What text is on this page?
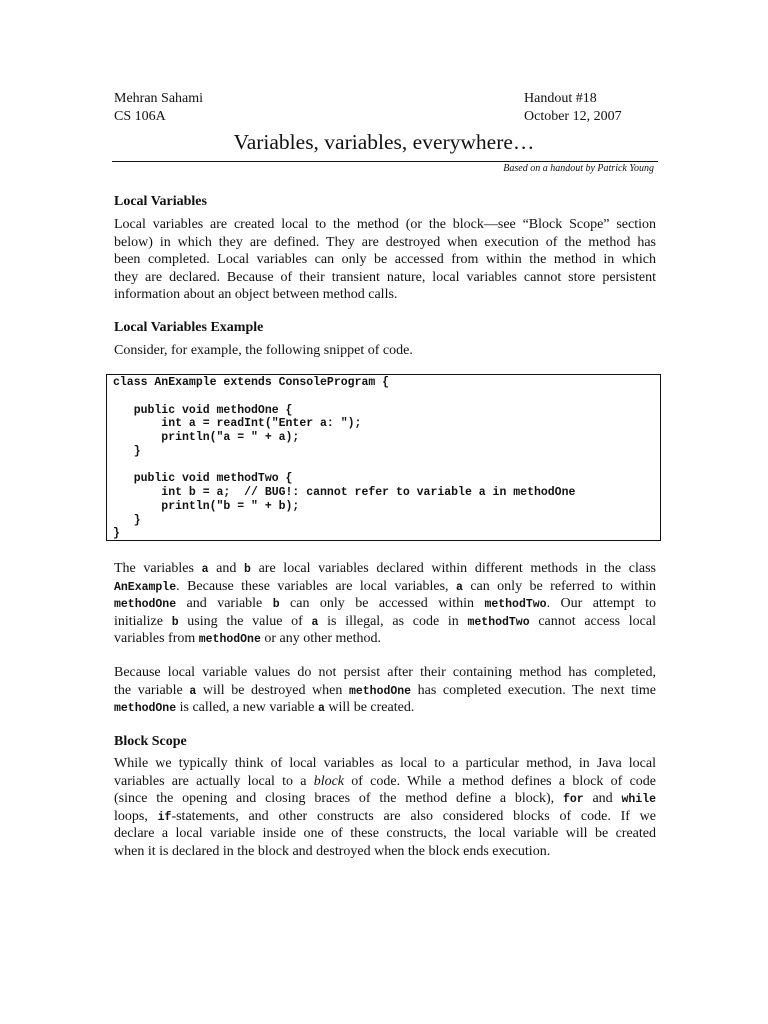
Mehran Sahami
CS 106A
Handout #18
October 12, 2007
Variables, variables, everywhere…
Based on a handout by Patrick Young
Local Variables
Local variables are created local to the method (or the block—see “Block Scope” section
below) in which they are defined. They are destroyed when execution of the method has
been completed. Local variables can only be accessed from within the method in which
they are declared. Because of their transient nature, local variables cannot store persistent
information about an object between method calls.
Local Variables Example
Consider, for example, the following snippet of code.
class AnExample extends ConsoleProgram {
public void methodOne {
int a = readInt("Enter a: ");
println("a = " + a);
}
public void methodTwo {
int b = a;  // BUG!: cannot refer to variable a in methodOne
println("b = " + b);
}
}
The variables a and b are local variables declared within different methods in the class
AnExample. Because these variables are local variables, a can only be referred to within
methodOne and variable b can only be accessed within methodTwo. Our attempt to
initialize b using the value of a is illegal, as code in methodTwo cannot access local
variables from methodOne or any other method.
Because local variable values do not persist after their containing method has completed,
the variable a will be destroyed when methodOne has completed execution. The next time
methodOne is called, a new variable a will be created.
Block Scope
While we typically think of local variables as local to a particular method, in Java local
variables are actually local to a block of code. While a method defines a block of code
(since the opening and closing braces of the method define a block), for and while
loops, if-statements, and other constructs are also considered blocks of code. If we
declare a local variable inside one of these constructs, the local variable will be created
when it is declared in the block and destroyed when the block ends execution.
